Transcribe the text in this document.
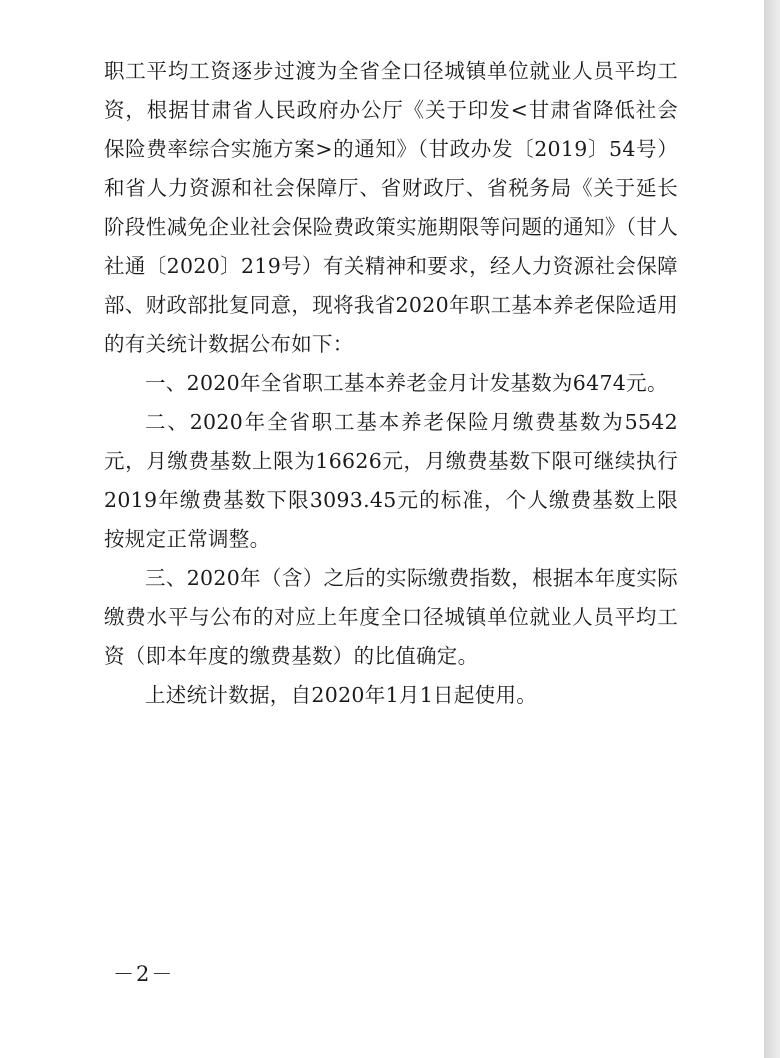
职工平均工资逐步过渡为全省全口径城镇单位就业人员平均工资，根据甘肃省人民政府办公厅《关于印发<甘肃省降低社会保险费率综合实施方案>的通知》（甘政办发〔2019〕54号）和省人力资源和社会保障厅、省财政厅、省税务局《关于延长阶段性减免企业社会保险费政策实施期限等问题的通知》（甘人社通〔2020〕219号）有关精神和要求，经人力资源社会保障部、财政部批复同意，现将我省2020年职工基本养老保险适用的有关统计数据公布如下：

一、2020年全省职工基本养老金月计发基数为6474元。

二、2020年全省职工基本养老保险月缴费基数为5542元，月缴费基数上限为16626元，月缴费基数下限可继续执行2019年缴费基数下限3093.45元的标准，个人缴费基数上限按规定正常调整。

三、2020年（含）之后的实际缴费指数，根据本年度实际缴费水平与公布的对应上年度全口径城镇单位就业人员平均工资（即本年度的缴费基数）的比值确定。

上述统计数据，自2020年1月1日起使用。

－2－
